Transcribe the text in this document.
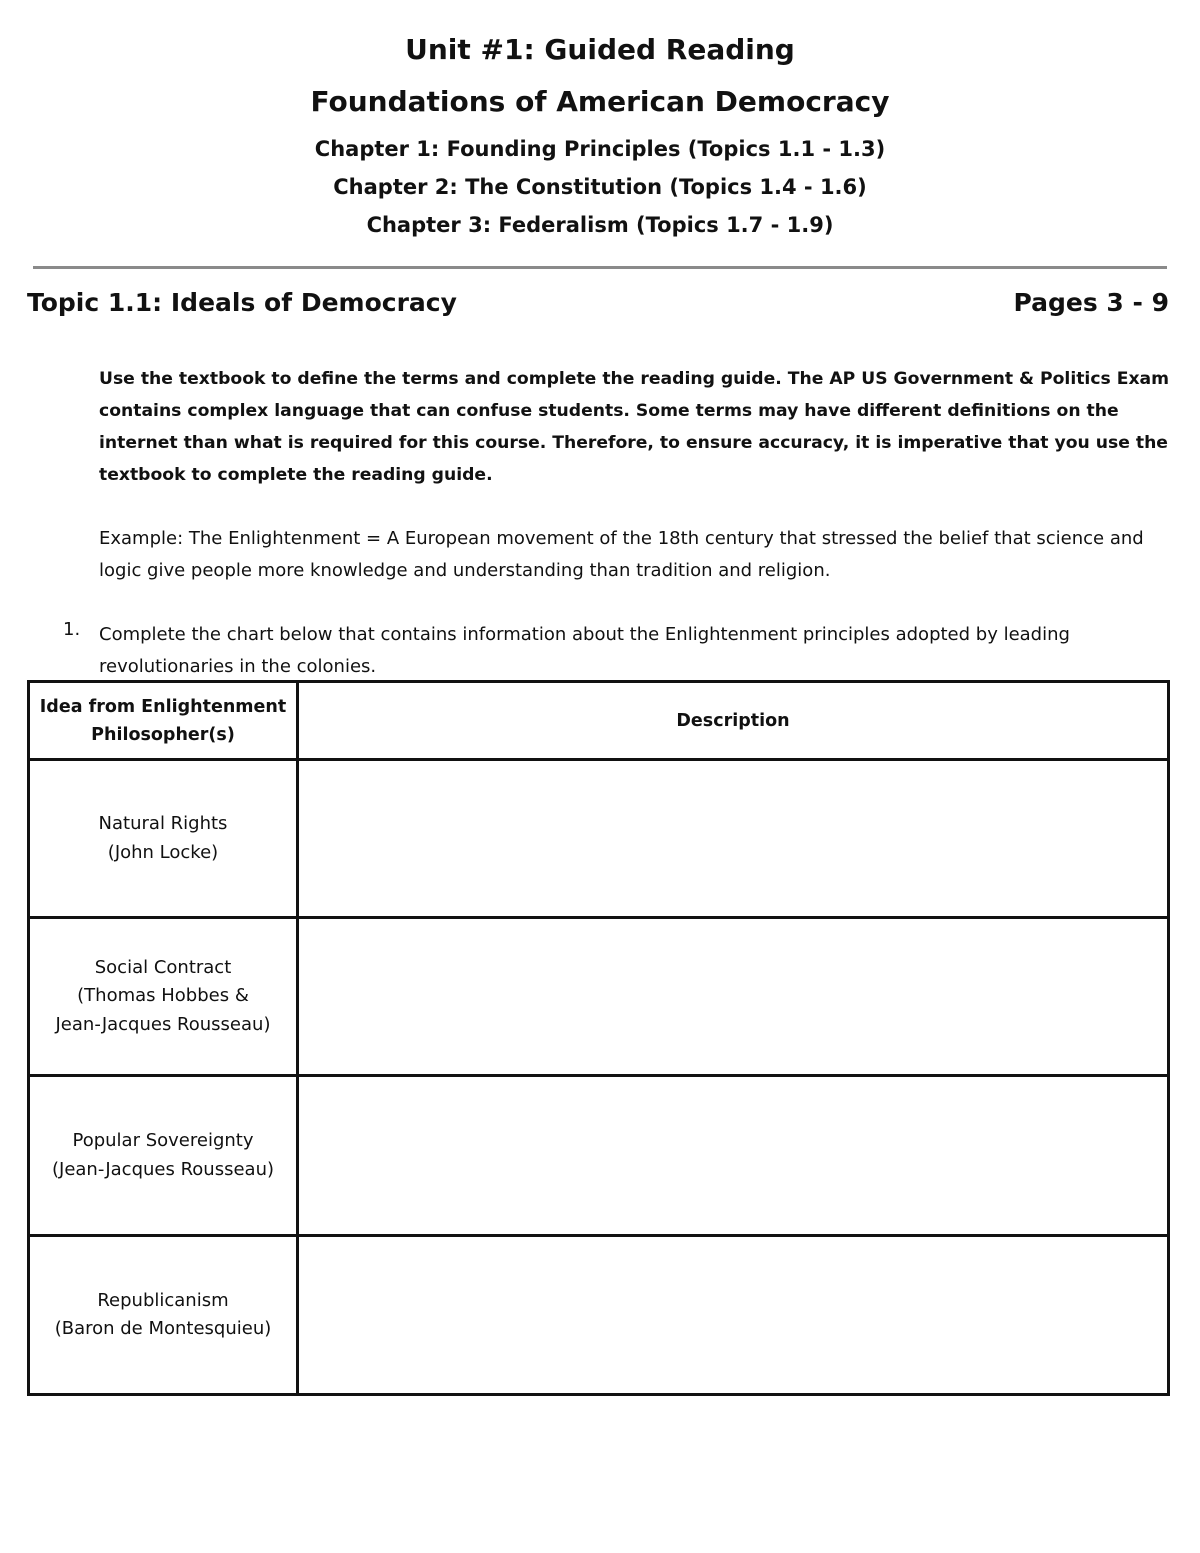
Unit #1: Guided Reading
Foundations of American Democracy
Chapter 1: Founding Principles (Topics 1.1 - 1.3)
Chapter 2: The Constitution (Topics 1.4 - 1.6)
Chapter 3: Federalism (Topics 1.7 - 1.9)
Topic 1.1: Ideals of Democracy	Pages 3 - 9
Use the textbook to define the terms and complete the reading guide. The AP US Government & Politics Exam contains complex language that can confuse students. Some terms may have different definitions on the internet than what is required for this course. Therefore, to ensure accuracy, it is imperative that you use the textbook to complete the reading guide.
Example: The Enlightenment = A European movement of the 18th century that stressed the belief that science and logic give people more knowledge and understanding than tradition and religion.
1. Complete the chart below that contains information about the Enlightenment principles adopted by leading revolutionaries in the colonies.
Idea from Enlightenment
Philosopher(s)	Description

Natural Rights
(John Locke)	

Social Contract
(Thomas Hobbes &
Jean-Jacques Rousseau)	

Popular Sovereignty
(Jean-Jacques Rousseau)	

Republicanism
(Baron de Montesquieu)	
